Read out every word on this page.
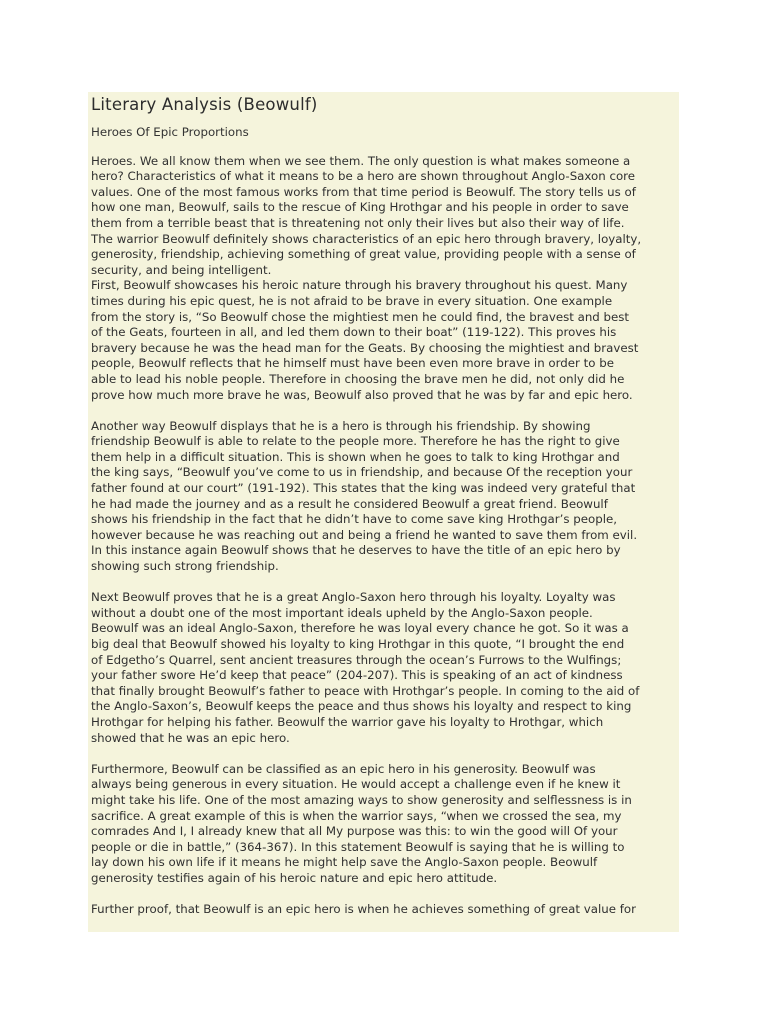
Literary Analysis (Beowulf)
Heroes Of Epic Proportions

Heroes. We all know them when we see them. The only question is what makes someone a
hero? Characteristics of what it means to be a hero are shown throughout Anglo-Saxon core
values. One of the most famous works from that time period is Beowulf. The story tells us of
how one man, Beowulf, sails to the rescue of King Hrothgar and his people in order to save
them from a terrible beast that is threatening not only their lives but also their way of life.
The warrior Beowulf definitely shows characteristics of an epic hero through bravery, loyalty,
generosity, friendship, achieving something of great value, providing people with a sense of
security, and being intelligent.

First, Beowulf showcases his heroic nature through his bravery throughout his quest. Many
times during his epic quest, he is not afraid to be brave in every situation. One example
from the story is, “So Beowulf chose the mightiest men he could find, the bravest and best
of the Geats, fourteen in all, and led them down to their boat” (119-122). This proves his
bravery because he was the head man for the Geats. By choosing the mightiest and bravest
people, Beowulf reflects that he himself must have been even more brave in order to be
able to lead his noble people. Therefore in choosing the brave men he did, not only did he
prove how much more brave he was, Beowulf also proved that he was by far and epic hero.

Another way Beowulf displays that he is a hero is through his friendship. By showing
friendship Beowulf is able to relate to the people more. Therefore he has the right to give
them help in a difficult situation. This is shown when he goes to talk to king Hrothgar and
the king says, “Beowulf you’ve come to us in friendship, and because Of the reception your
father found at our court” (191-192). This states that the king was indeed very grateful that
he had made the journey and as a result he considered Beowulf a great friend. Beowulf
shows his friendship in the fact that he didn’t have to come save king Hrothgar’s people,
however because he was reaching out and being a friend he wanted to save them from evil.
In this instance again Beowulf shows that he deserves to have the title of an epic hero by
showing such strong friendship.

Next Beowulf proves that he is a great Anglo-Saxon hero through his loyalty. Loyalty was
without a doubt one of the most important ideals upheld by the Anglo-Saxon people.
Beowulf was an ideal Anglo-Saxon, therefore he was loyal every chance he got. So it was a
big deal that Beowulf showed his loyalty to king Hrothgar in this quote, “I brought the end
of Edgetho’s Quarrel, sent ancient treasures through the ocean’s Furrows to the Wulfings;
your father swore He’d keep that peace” (204-207). This is speaking of an act of kindness
that finally brought Beowulf’s father to peace with Hrothgar’s people. In coming to the aid of
the Anglo-Saxon’s, Beowulf keeps the peace and thus shows his loyalty and respect to king
Hrothgar for helping his father. Beowulf the warrior gave his loyalty to Hrothgar, which
showed that he was an epic hero.

Furthermore, Beowulf can be classified as an epic hero in his generosity. Beowulf was
always being generous in every situation. He would accept a challenge even if he knew it
might take his life. One of the most amazing ways to show generosity and selflessness is in
sacrifice. A great example of this is when the warrior says, “when we crossed the sea, my
comrades And I, I already knew that all My purpose was this: to win the good will Of your
people or die in battle,” (364-367). In this statement Beowulf is saying that he is willing to
lay down his own life if it means he might help save the Anglo-Saxon people. Beowulf
generosity testifies again of his heroic nature and epic hero attitude.

Further proof, that Beowulf is an epic hero is when he achieves something of great value for
